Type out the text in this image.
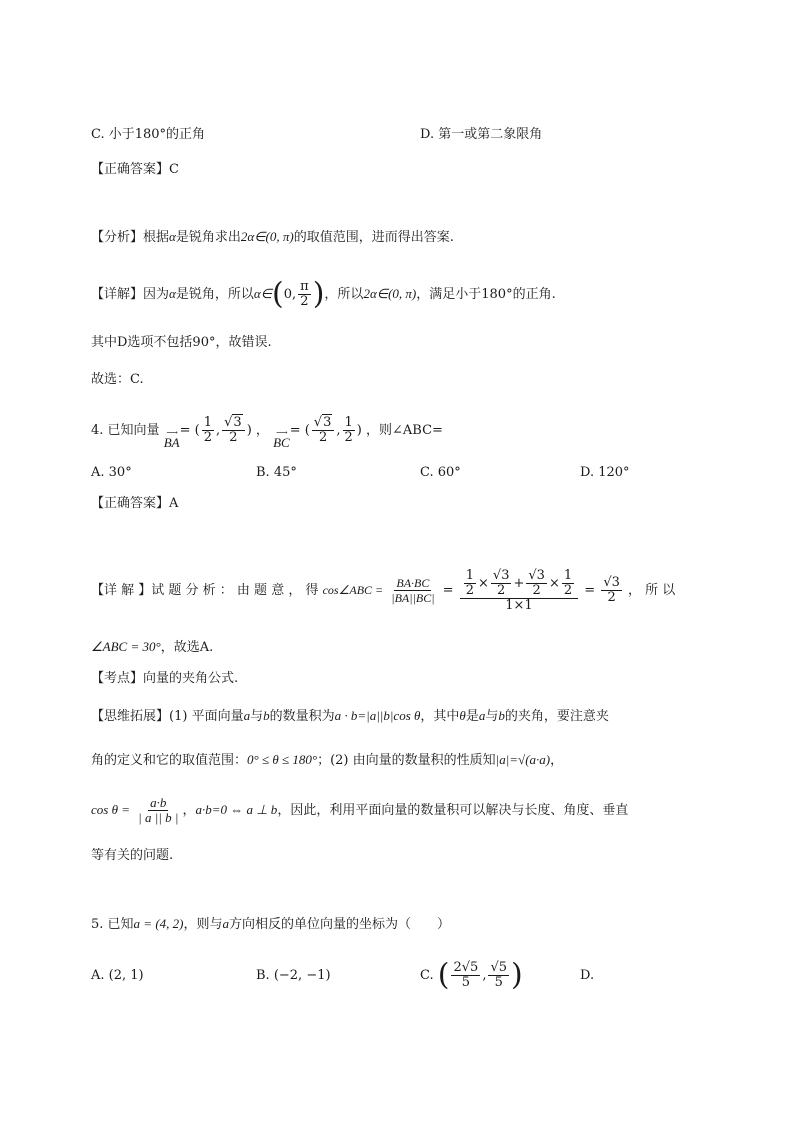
C. 小于180°的正角	D. 第一或第二象限角
【正确答案】C
【分析】根据α是锐角求出2α∈(0, π)的取值范围，进而得出答案.
【详解】因为α是锐角，所以α∈(0, $\frac{\pi}{2}$ )，所以2α∈(0, π)，满足小于180°的正角.
其中D选项不包括90°，故错误.
故选：C.
4. 已知向量 ⟶
BA
= ( $\frac{1}{2}$ , $\frac{√3}{2}$ ) ， ⟶
BC
= ( $\frac{√3}{2}$ , $\frac{1}{2}$ ) ，则∠ABC=
A. 30°	B. 45°	C. 60°	D. 120°
【正确答案】A
【详 解 】试 题 分 析 ： 由 题 意 ， 得 cos∠ABC = $\frac{BA\cdot BC}{|BA||BC|} = \frac{\frac{1}{2} \times \frac{√3}{2} + \frac{√3}{2} \times \frac{1}{2}}{1\times 1} = \frac{√3}{2}$ ， 所 以
∠ABC = 30°，故选A.
【考点】向量的夹角公式.
【思维拓展】(1) 平面向量a与b的数量积为a · b=|a||b|cos θ，其中θ是a与b的夹角，要注意夹
角的定义和它的取值范围：0° ≤ θ ≤ 180°；(2) 由向量的数量积的性质知|a|=√(a·a)，
$\cos \theta = \frac{a\cdot b}{| a || b |}$ ，a·b=0 ⇔ a ⊥ b，因此，利用平面向量的数量积可以解决与长度、角度、垂直
等有关的问题.
5. 已知a = (4, 2)，则与a方向相反的单位向量的坐标为（　　）
A. (2, 1)	B. (−2, −1)	C. ( $\frac{2√5}{5}$ , $\frac{√5}{5}$ )	D.
